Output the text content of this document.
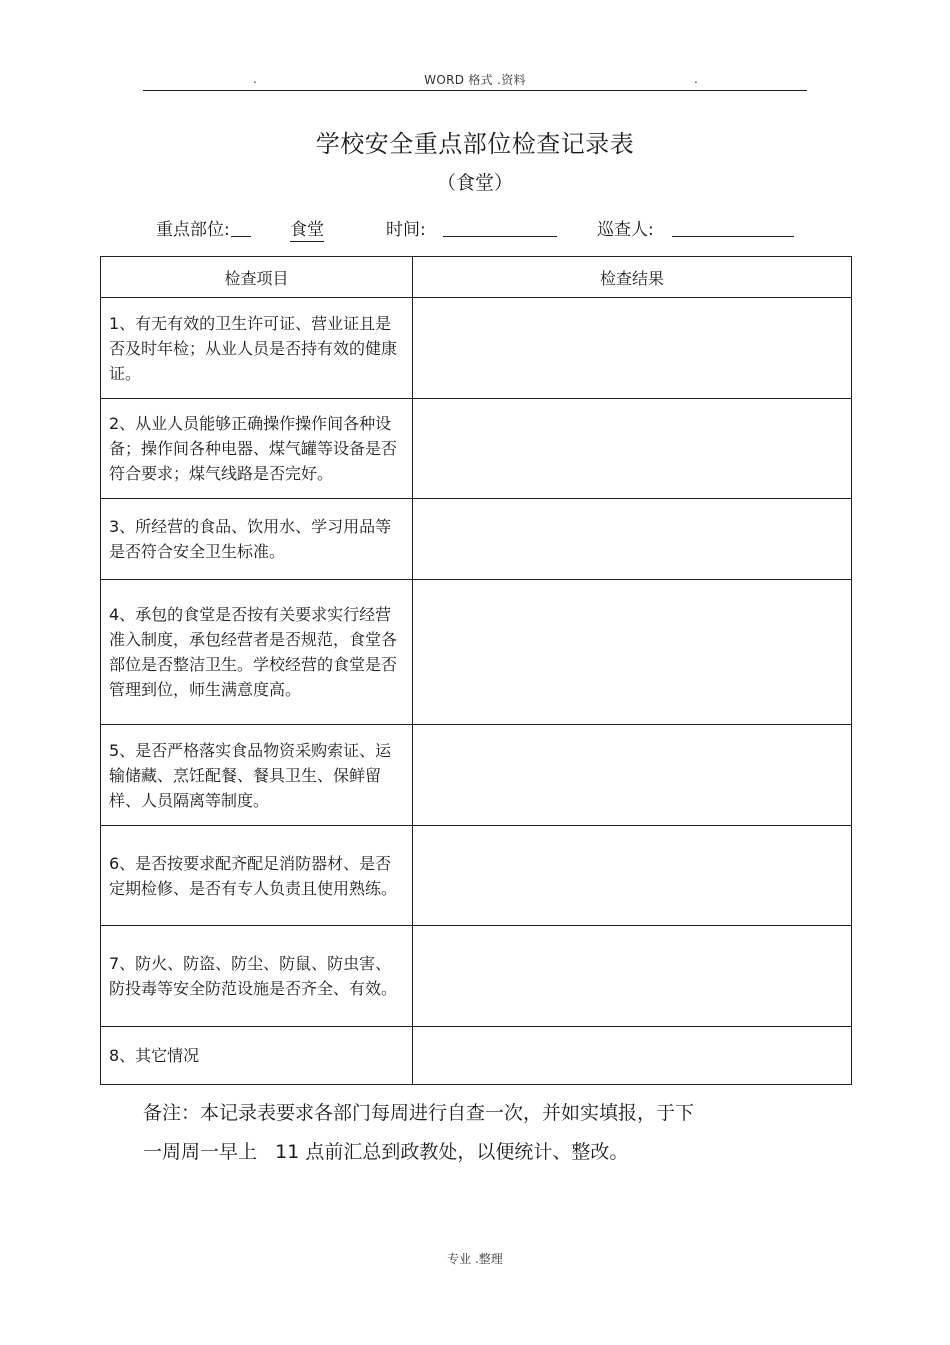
.	WORD 格式 .资料	.
学校安全重点部位检查记录表
（食堂）
重点部位:	食堂	时间:	巡查人:
检查项目	检查结果
1、有无有效的卫生许可证、营业证且是否及时年检；从业人员是否持有效的健康证。	
2、从业人员能够正确操作操作间各种设备；操作间各种电器、煤气罐等设备是否符合要求；煤气线路是否完好。	
3、所经营的食品、饮用水、学习用品等是否符合安全卫生标准。	
4、承包的食堂是否按有关要求实行经营准入制度，承包经营者是否规范，食堂各部位是否整洁卫生。学校经营的食堂是否管理到位，师生满意度高。	
5、是否严格落实食品物资采购索证、运输储藏、烹饪配餐、餐具卫生、保鲜留样、人员隔离等制度。	
6、是否按要求配齐配足消防器材、是否定期检修、是否有专人负责且使用熟练。	
7、防火、防盗、防尘、防鼠、防虫害、防投毒等安全防范设施是否齐全、有效。	
8、其它情况	
备注：本记录表要求各部门每周进行自查一次，并如实填报，于下
一周周一早上   11 点前汇总到政教处，以便统计、整改。
专业 .整理
